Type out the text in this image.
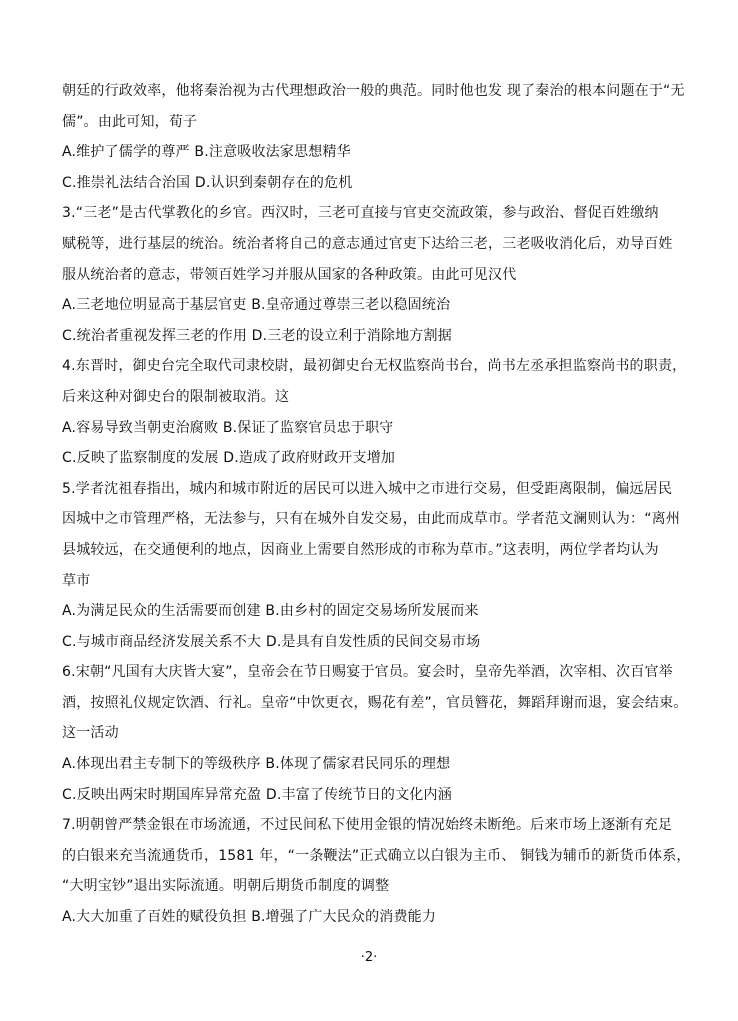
朝廷的行政效率，他将秦治视为古代理想政治一般的典范。同时他也发 现了秦治的根本问题在于“无
儒”。由此可知，荀子
A.维护了儒学的尊严 B.注意吸收法家思想精华
C.推崇礼法结合治国 D.认识到秦朝存在的危机
3.“三老”是古代掌教化的乡官。西汉时，三老可直接与官吏交流政策，参与政治、督促百姓缴纳
赋税等，进行基层的统治。统治者将自己的意志通过官吏下达给三老，三老吸收消化后，劝导百姓
服从统治者的意志，带领百姓学习并服从国家的各种政策。由此可见汉代
A.三老地位明显高于基层官吏 B.皇帝通过尊崇三老以稳固统治
C.统治者重视发挥三老的作用 D.三老的设立利于消除地方割据
4.东晋时，御史台完全取代司隶校尉，最初御史台无权监察尚书台，尚书左丞承担监察尚书的职责，
后来这种对御史台的限制被取消。这
A.容易导致当朝吏治腐败 B.保证了监察官员忠于职守
C.反映了监察制度的发展 D.造成了政府财政开支增加
5.学者沈祖春指出，城内和城市附近的居民可以进入城中之市进行交易，但受距离限制，偏远居民
因城中之市管理严格，无法参与，只有在城外自发交易，由此而成草市。学者范文澜则认为：“离州
县城较远，在交通便利的地点，因商业上需要自然形成的市称为草市。”这表明，两位学者均认为
草市
A.为满足民众的生活需要而创建 B.由乡村的固定交易场所发展而来
C.与城市商品经济发展关系不大 D.是具有自发性质的民间交易市场
6.宋朝“凡国有大庆皆大宴”，皇帝会在节日赐宴于官员。宴会时，皇帝先举酒，次宰相、次百官举
酒，按照礼仪规定饮酒、行礼。皇帝“中饮更衣，赐花有差”，官员簪花，舞蹈拜谢而退，宴会结束。
这一活动
A.体现出君主专制下的等级秩序 B.体现了儒家君民同乐的理想
C.反映出两宋时期国库异常充盈 D.丰富了传统节日的文化内涵
7.明朝曾严禁金银在市场流通，不过民间私下使用金银的情况始终未断绝。后来市场上逐渐有充足
的白银来充当流通货币，1581 年，“一条鞭法”正式确立以白银为主币、 铜钱为辅币的新货币体系，
“大明宝钞”退出实际流通。明朝后期货币制度的调整
A.大大加重了百姓的赋役负担 B.增强了广大民众的消费能力
·2·
